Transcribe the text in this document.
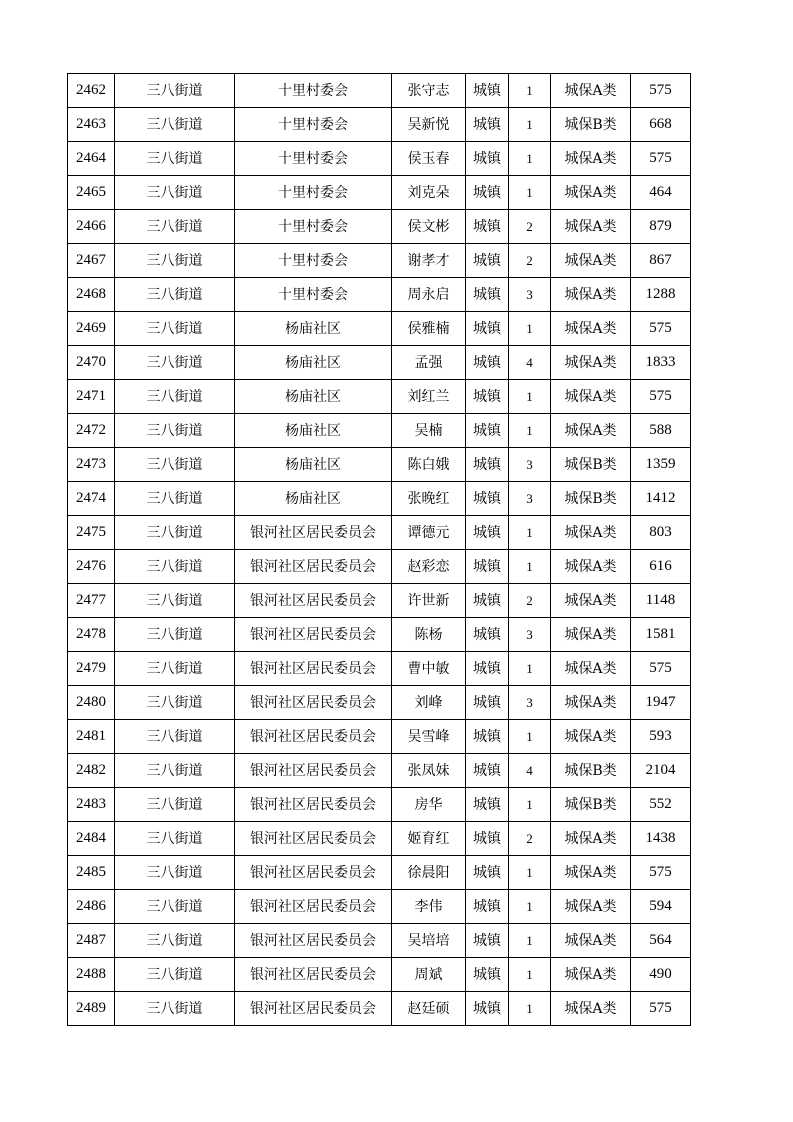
2462	三八街道	十里村委会	张守志	城镇	1	城保A类	575
2463	三八街道	十里村委会	吴新悦	城镇	1	城保B类	668
2464	三八街道	十里村委会	侯玉春	城镇	1	城保A类	575
2465	三八街道	十里村委会	刘克朵	城镇	1	城保A类	464
2466	三八街道	十里村委会	侯文彬	城镇	2	城保A类	879
2467	三八街道	十里村委会	谢孝才	城镇	2	城保A类	867
2468	三八街道	十里村委会	周永启	城镇	3	城保A类	1288
2469	三八街道	杨庙社区	侯雅楠	城镇	1	城保A类	575
2470	三八街道	杨庙社区	孟强	城镇	4	城保A类	1833
2471	三八街道	杨庙社区	刘红兰	城镇	1	城保A类	575
2472	三八街道	杨庙社区	吴楠	城镇	1	城保A类	588
2473	三八街道	杨庙社区	陈白娥	城镇	3	城保B类	1359
2474	三八街道	杨庙社区	张晚红	城镇	3	城保B类	1412
2475	三八街道	银河社区居民委员会	谭德元	城镇	1	城保A类	803
2476	三八街道	银河社区居民委员会	赵彩恋	城镇	1	城保A类	616
2477	三八街道	银河社区居民委员会	许世新	城镇	2	城保A类	1148
2478	三八街道	银河社区居民委员会	陈杨	城镇	3	城保A类	1581
2479	三八街道	银河社区居民委员会	曹中敏	城镇	1	城保A类	575
2480	三八街道	银河社区居民委员会	刘峰	城镇	3	城保A类	1947
2481	三八街道	银河社区居民委员会	吴雪峰	城镇	1	城保A类	593
2482	三八街道	银河社区居民委员会	张凤妹	城镇	4	城保B类	2104
2483	三八街道	银河社区居民委员会	房华	城镇	1	城保B类	552
2484	三八街道	银河社区居民委员会	姬育红	城镇	2	城保A类	1438
2485	三八街道	银河社区居民委员会	徐晨阳	城镇	1	城保A类	575
2486	三八街道	银河社区居民委员会	李伟	城镇	1	城保A类	594
2487	三八街道	银河社区居民委员会	吴培培	城镇	1	城保A类	564
2488	三八街道	银河社区居民委员会	周斌	城镇	1	城保A类	490
2489	三八街道	银河社区居民委员会	赵廷硕	城镇	1	城保A类	575
